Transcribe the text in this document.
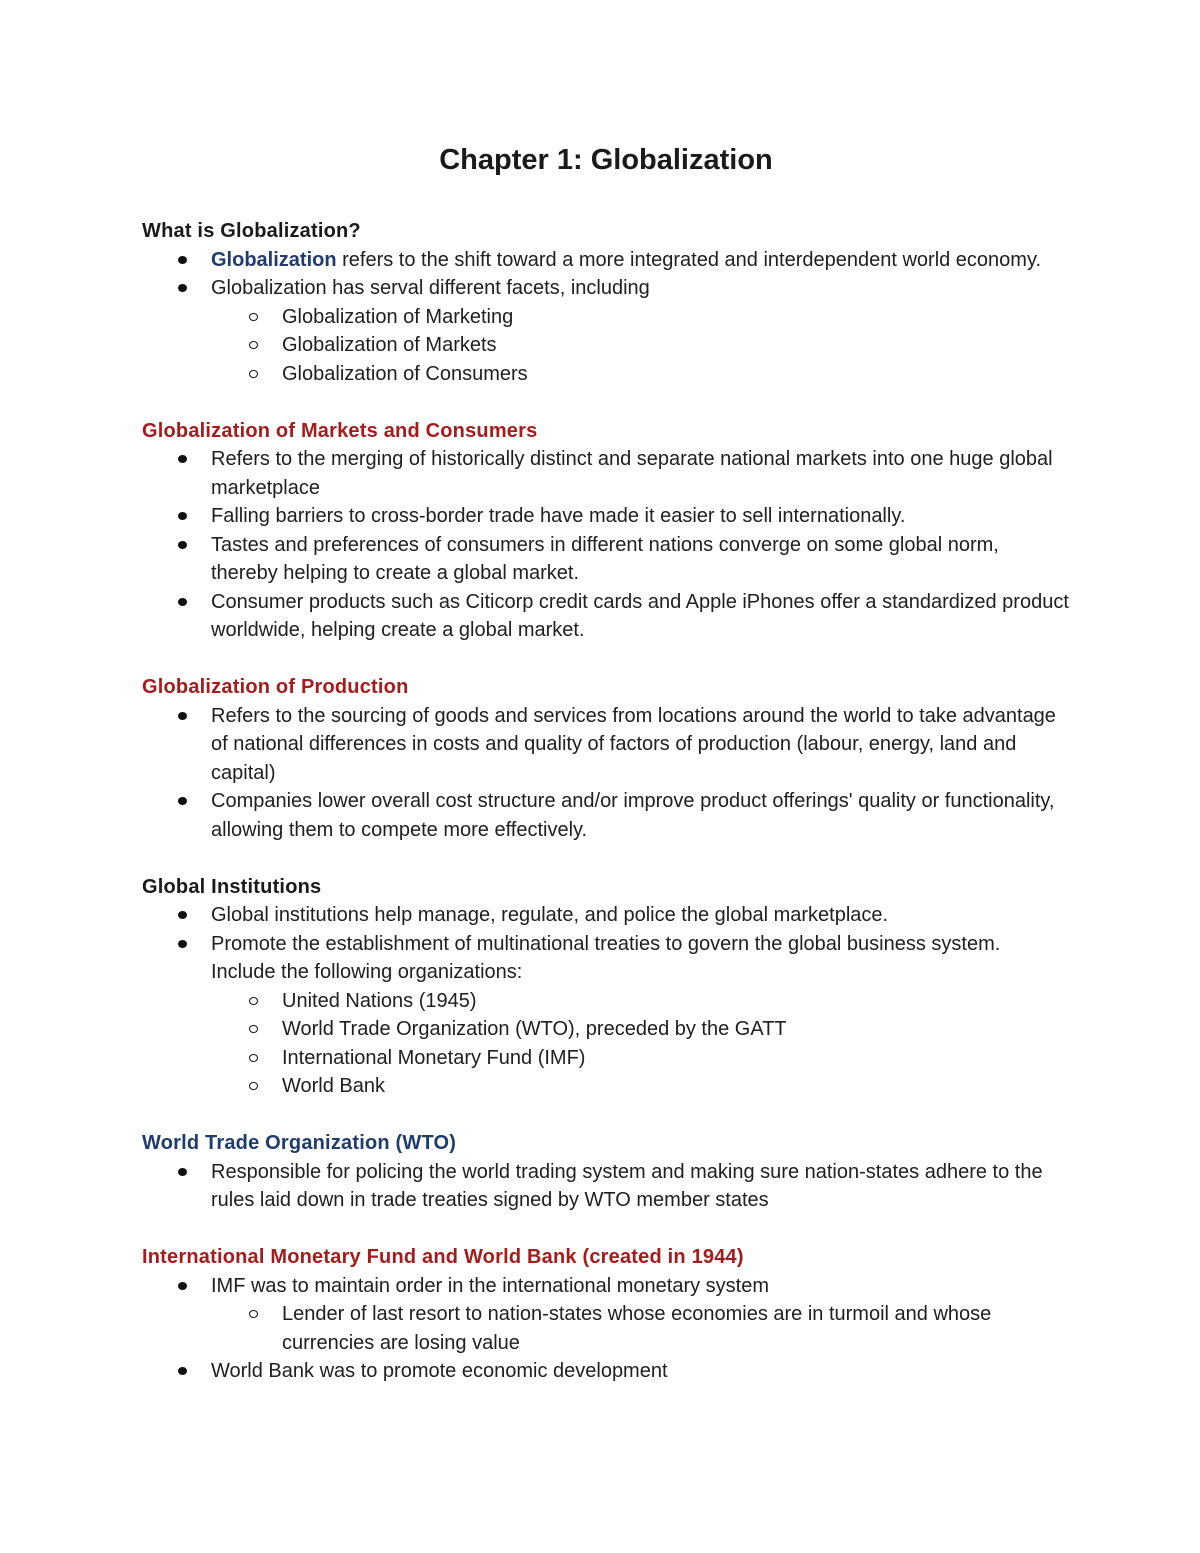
Chapter 1: Globalization

What is Globalization?

Globalization refers to the shift toward a more integrated and interdependent world economy.
Globalization has serval different facets, including
Globalization of Marketing
Globalization of Markets
Globalization of Consumers

Globalization of Markets and Consumers

Refers to the merging of historically distinct and separate national markets into one huge global marketplace
Falling barriers to cross-border trade have made it easier to sell internationally.
Tastes and preferences of consumers in different nations converge on some global norm, thereby helping to create a global market.
Consumer products such as Citicorp credit cards and Apple iPhones offer a standardized product worldwide, helping create a global market.

Globalization of Production

Refers to the sourcing of goods and services from locations around the world to take advantage of national differences in costs and quality of factors of production (labour, energy, land and capital)
Companies lower overall cost structure and/or improve product offerings' quality or functionality, allowing them to compete more effectively.

Global Institutions

Global institutions help manage, regulate, and police the global marketplace.
Promote the establishment of multinational treaties to govern the global business system. Include the following organizations:
United Nations (1945)
World Trade Organization (WTO), preceded by the GATT
International Monetary Fund (IMF)
World Bank

World Trade Organization (WTO)

Responsible for policing the world trading system and making sure nation-states adhere to the rules laid down in trade treaties signed by WTO member states

International Monetary Fund and World Bank (created in 1944)

IMF was to maintain order in the international monetary system
Lender of last resort to nation-states whose economies are in turmoil and whose currencies are losing value
World Bank was to promote economic development
